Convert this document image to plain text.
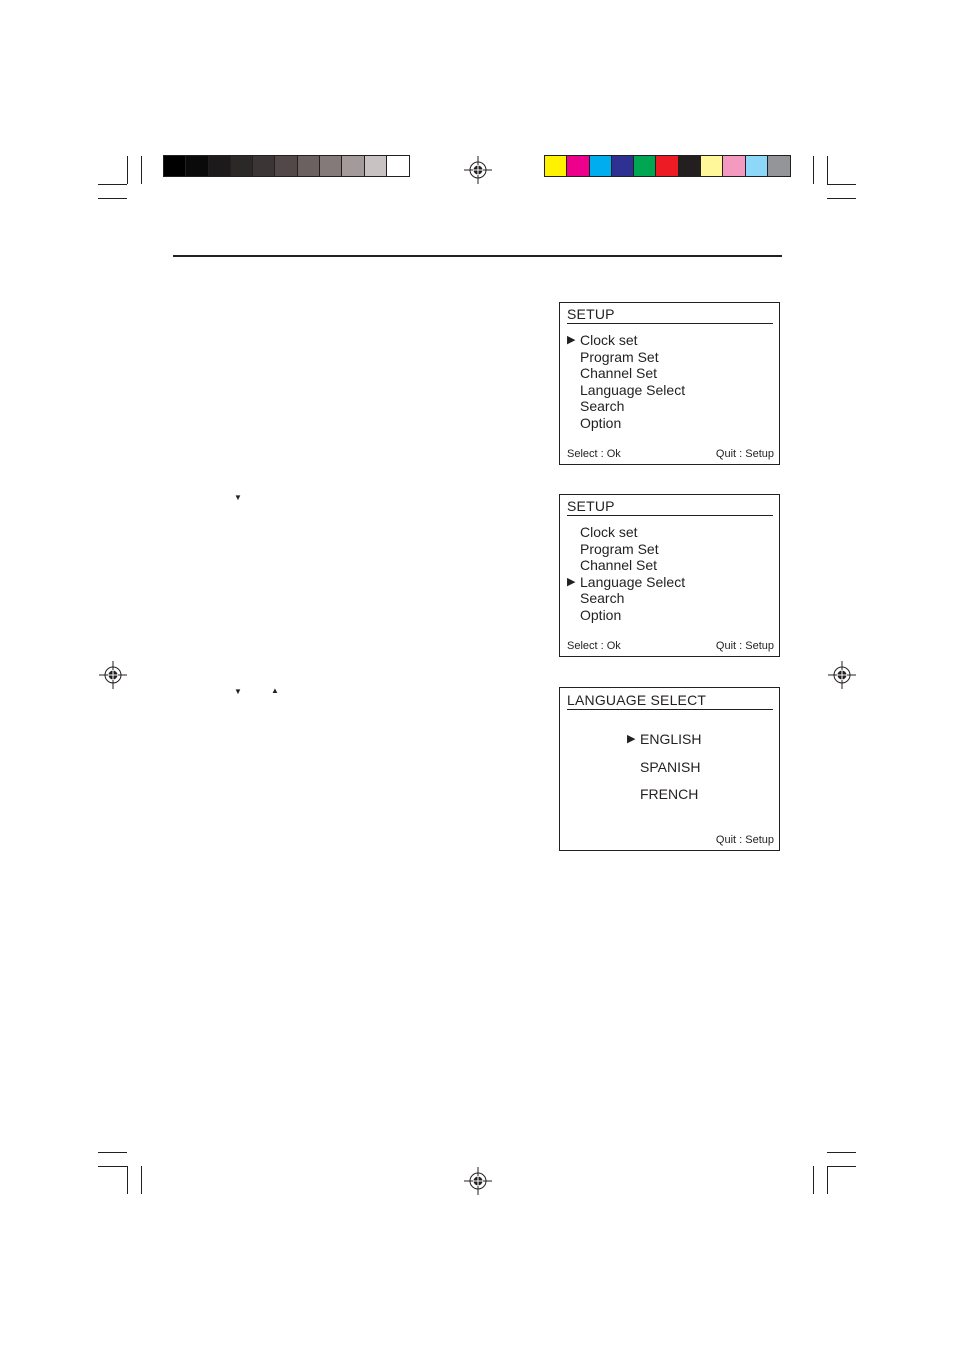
▼
▼	▲
SETUP
▶ Clock set
Program Set
Channel Set
Language Select
Search
Option
Select : Ok	Quit : Setup
SETUP
Clock set
Program Set
Channel Set
▶ Language Select
Search
Option
Select : Ok	Quit : Setup
LANGUAGE SELECT
▶ ENGLISH
SPANISH
FRENCH
Quit : Setup
